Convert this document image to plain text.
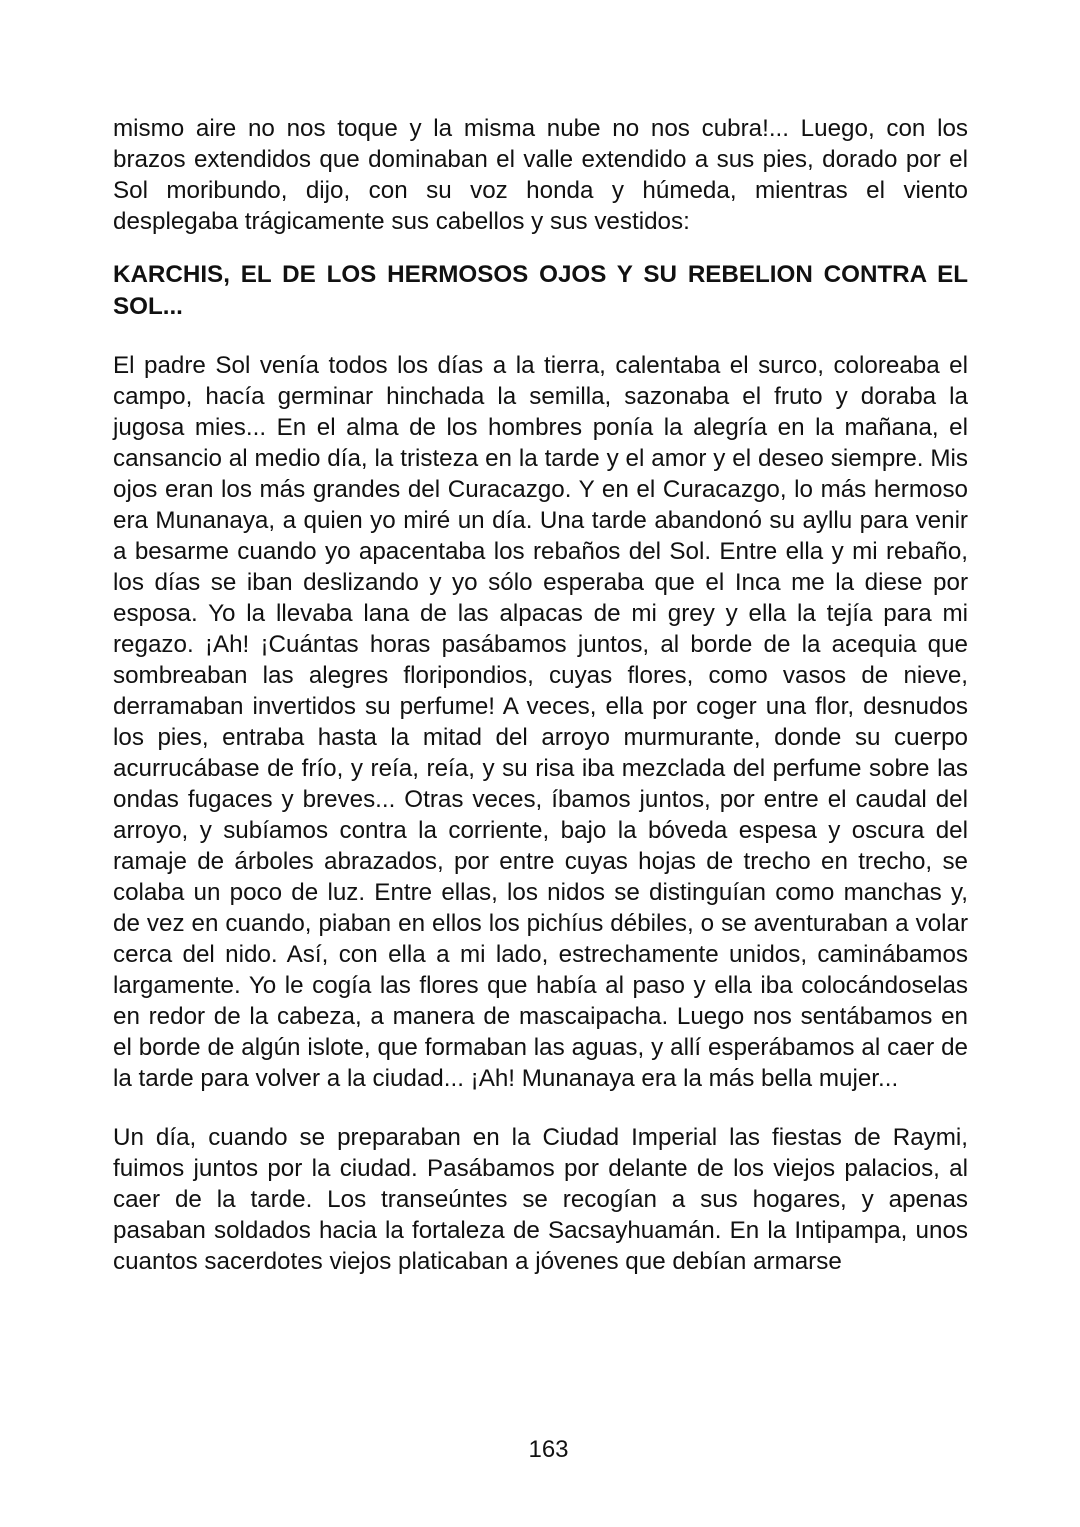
mismo aire no nos toque y la misma nube no nos cubra!... Luego, con los brazos extendidos que dominaban el valle extendido a sus pies, dorado por el Sol moribundo, dijo, con su voz honda y húmeda, mientras el viento desplegaba trágicamente sus cabellos y sus vestidos:

KARCHIS, EL DE LOS HERMOSOS OJOS Y SU REBELION CONTRA EL SOL...

El padre Sol venía todos los días a la tierra, calentaba el surco, coloreaba el campo, hacía germinar hinchada la semilla, sazonaba el fruto y doraba la jugosa mies... En el alma de los hombres ponía la alegría en la mañana, el cansancio al medio día, la tristeza en la tarde y el amor y el deseo siempre. Mis ojos eran los más grandes del Curacazgo. Y en el Curacazgo, lo más hermoso era Munanaya, a quien yo miré un día. Una tarde abandonó su ayllu para venir a besarme cuando yo apacentaba los rebaños del Sol. Entre ella y mi rebaño, los días se iban deslizando y yo sólo esperaba que el Inca me la diese por esposa. Yo la llevaba lana de las alpacas de mi grey y ella la tejía para mi regazo. ¡Ah! ¡Cuántas horas pasábamos juntos, al borde de la acequia que sombreaban las alegres floripondios, cuyas flores, como vasos de nieve, derramaban invertidos su perfume! A veces, ella por coger una flor, desnudos los pies, entraba hasta la mitad del arroyo murmurante, donde su cuerpo acurrucábase de frío, y reía, reía, y su risa iba mezclada del perfume sobre las ondas fugaces y breves... Otras veces, íbamos juntos, por entre el caudal del arroyo, y subíamos contra la corriente, bajo la bóveda espesa y oscura del ramaje de árboles abrazados, por entre cuyas hojas de trecho en trecho, se colaba un poco de luz. Entre ellas, los nidos se distinguían como manchas y, de vez en cuando, piaban en ellos los pichíus débiles, o se aventuraban a volar cerca del nido. Así, con ella a mi lado, estrechamente unidos, caminábamos largamente. Yo le cogía las flores que había al paso y ella iba colocándoselas en redor de la cabeza, a manera de mascaipacha. Luego nos sentábamos en el borde de algún islote, que formaban las aguas, y allí esperábamos al caer de la tarde para volver a la ciudad... ¡Ah! Munanaya era la más bella mujer...

Un día, cuando se preparaban en la Ciudad Imperial las fiestas de Raymi, fuimos juntos por la ciudad. Pasábamos por delante de los viejos palacios, al caer de la tarde. Los transeúntes se recogían a sus hogares, y apenas pasaban soldados hacia la fortaleza de Sacsayhuamán. En la Intipampa, unos cuantos sacerdotes viejos platicaban a jóvenes que debían armarse

163
